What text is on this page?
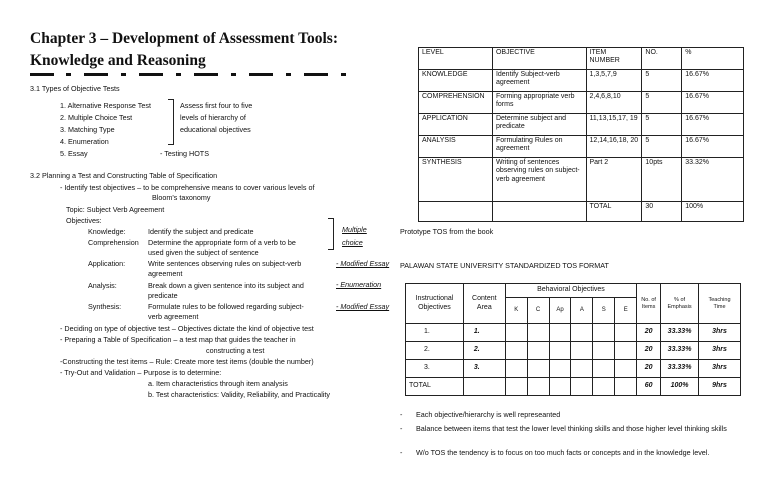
Chapter 3 – Development of Assessment Tools:
Knowledge and Reasoning
3.1 Types of Objective Tests
1. Alternative Response Test
2. Multiple Choice Test
3. Matching Type
4. Enumeration
5. Essay
Assess first four to five
levels of hierarchy of
educational objectives
- Testing HOTS
3.2 Planning a Test and Constructing Table of Specification
- Identify test objectives – to be comprehensive means to cover various levels of
Bloom's taxonomy
Topic: Subject Verb Agreement
Objectives:
Knowledge:	Identify the subject and predicate
Comprehension Determine the appropriate form of a verb to be
used given the subject of sentence
Application:	Write sentences observing rules on subject-verb
agreement
Analysis:	Break down a given sentence into its subject and
predicate
Synthesis:	Formulate rules to be followed regarding subject-
verb agreement
Multiple
choice
- Modified Essay
- Enumeration
- Modified Essay
- Deciding on type of objective test – Objectives dictate the kind of objective test
- Preparing a Table of Specification – a test map that guides the teacher in
constructing a test
-Constructing the test items – Rule: Create more test items (double the number)
- Try-Out and Validation – Purpose is to determine:
a. Item characteristics through item analysis
b. Test characteristics: Validity, Reliability, and Practicality
LEVEL	OBJECTIVE	ITEM NUMBER	NO.	%
KNOWLEDGE	Identify Subject-verb agreement	1,3,5,7,9	5	16.67%
COMPREHENSION	Forming appropriate verb forms	2,4,6,8,10	5	16.67%
APPLICATION	Determine subject and predicate	11,13,15,17, 19	5	16.67%
ANALYSIS	Formulating Rules on agreement	12,14,16,18, 20	5	16.67%
SYNTHESIS	Writing of sentences observing rules on subject-verb agreement	Part 2	10pts	33.32%
		TOTAL	30	100%
Prototype TOS from the book
PALAWAN STATE UNIVERSITY STANDARDIZED TOS FORMAT
Instructional Objectives	Content Area	Behavioral Objectives						No. of Items	% of Emphasis	Teaching Time
		K	C	Ap	A	S	E			
1.	1.							20	33.33%	3hrs
2.	2.							20	33.33%	3hrs
3.	3.							20	33.33%	3hrs
TOTAL								60	100%	9hrs
- Each objective/hierarchy is well represeanted
- Balance between items that test the lower level thinking skills and those higher level thinking skills
- W/o TOS the tendency is to focus on too much facts or concepts and in the knowledge level.
